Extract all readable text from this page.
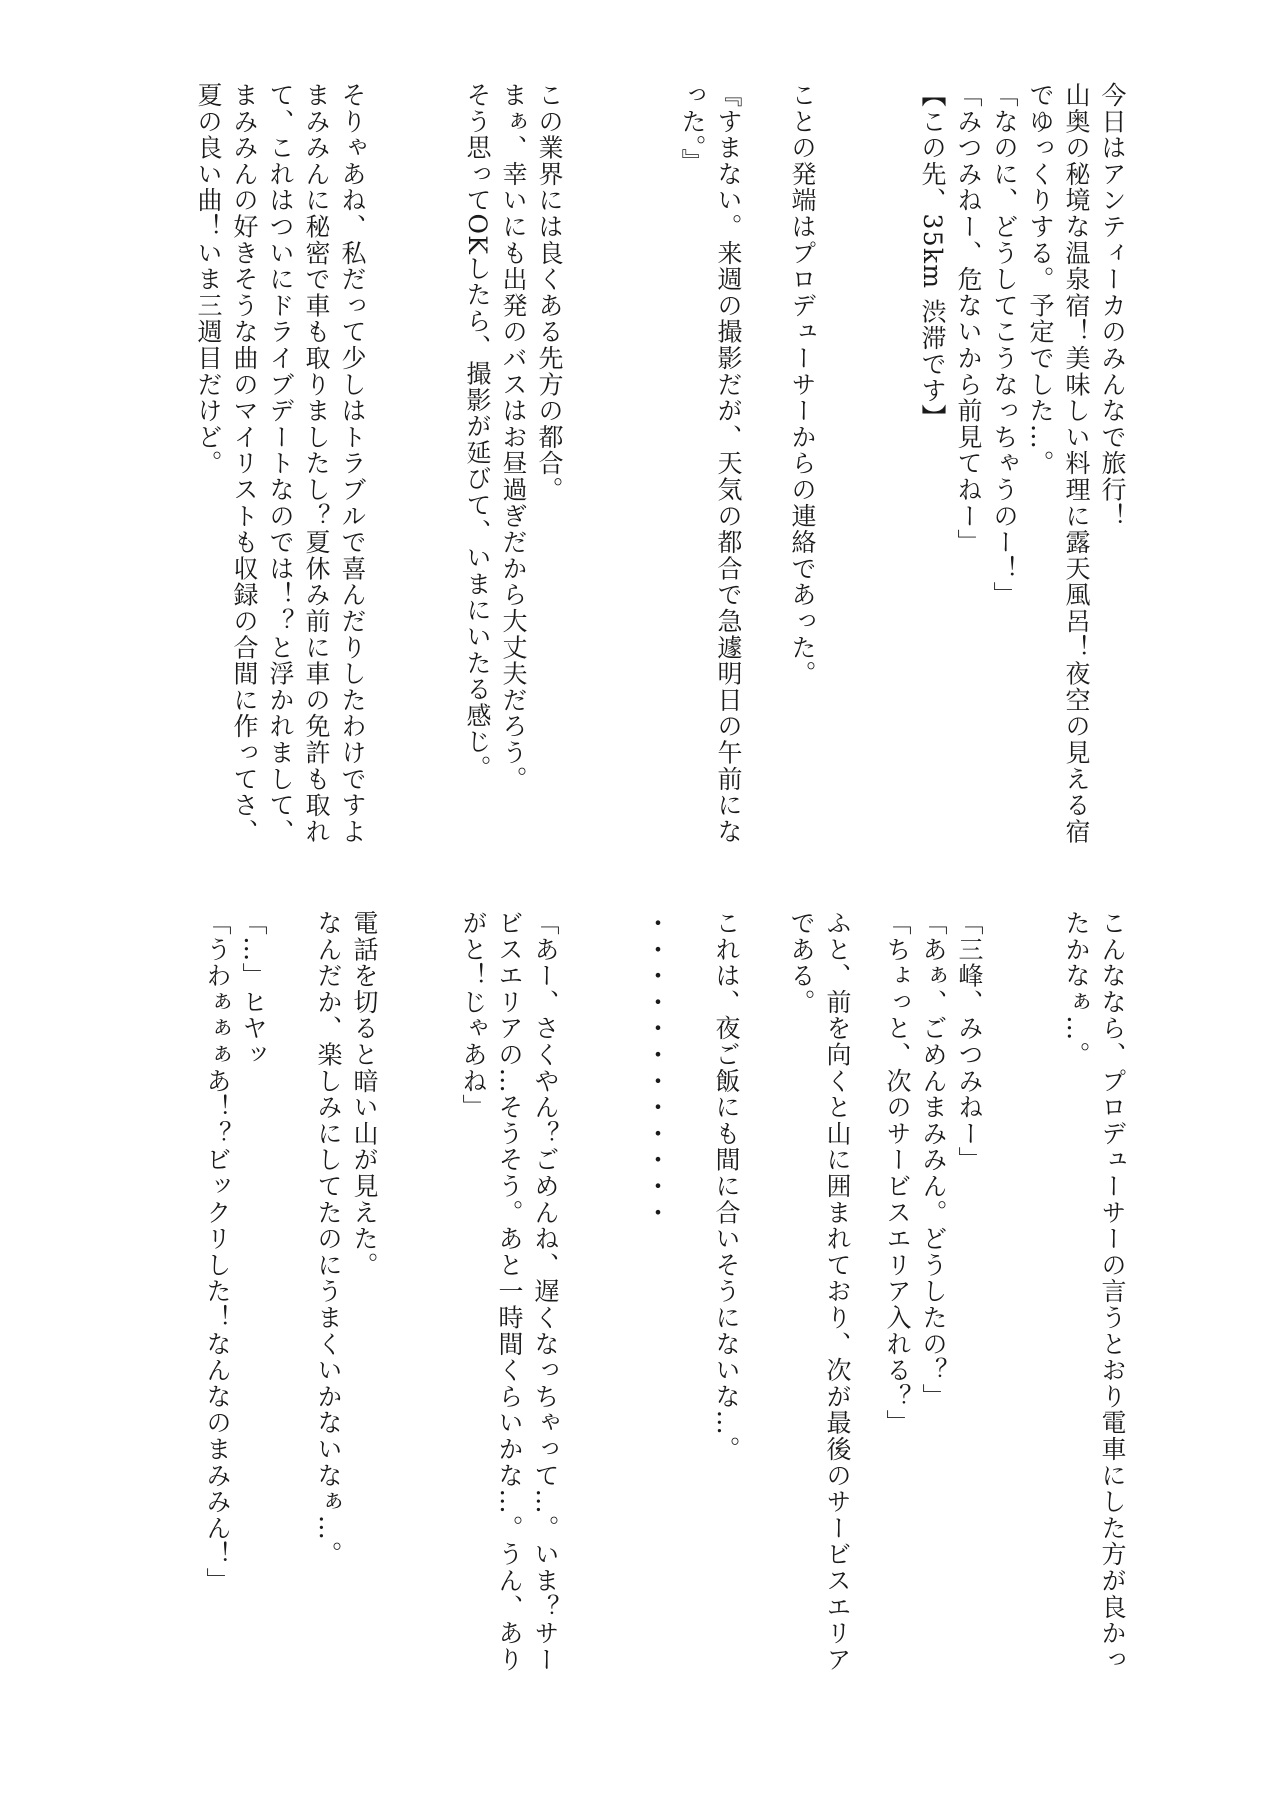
今日はアンティーカのみんなで旅行！
山奥の秘境な温泉宿！美味しい料理に露天風呂！夜空の見える宿
でゆっくりする。予定でした…。
「なのに、どうしてこうなっちゃうのー！」
「みつみねー、危ないから前見てねー」
【この先、35km 渋滞です】
ことの発端はプロデューサーからの連絡であった。
『すまない。来週の撮影だが、天気の都合で急遽明日の午前にな
った。』
この業界には良くある先方の都合。
まぁ、幸いにも出発のバスはお昼過ぎだから大丈夫だろう。
そう思ってOKしたら、撮影が延びて、いまにいたる感じ。
そりゃあね、私だって少しはトラブルで喜んだりしたわけですよ
まみみんに秘密で車も取りましたし？夏休み前に車の免許も取れ
て、これはついにドライブデートなのでは！？と浮かれまして、
まみみんの好きそうな曲のマイリストも収録の合間に作ってさ、
夏の良い曲！いま三週目だけど。
こんななら、プロデューサーの言うとおり電車にした方が良かっ
たかなぁ…。
「三峰、みつみねー」
「あぁ、ごめんまみみん。どうしたの？」
「ちょっと、次のサービスエリア入れる？」
ふと、前を向くと山に囲まれており、次が最後のサービスエリア
である。
これは、夜ご飯にも間に合いそうにないな…。
・・・・・・・・・・・・
「あー、さくやん？ごめんね、遅くなっちゃって…。いま？サー
ビスエリアの…そうそう。あと一時間くらいかな…。うん、あり
がと！じゃあね」
電話を切ると暗い山が見えた。
なんだか、楽しみにしてたのにうまくいかないなぁ…。
「…」ヒヤッ
「うわぁぁぁあ！？ビックリした！なんなのまみみん！」
